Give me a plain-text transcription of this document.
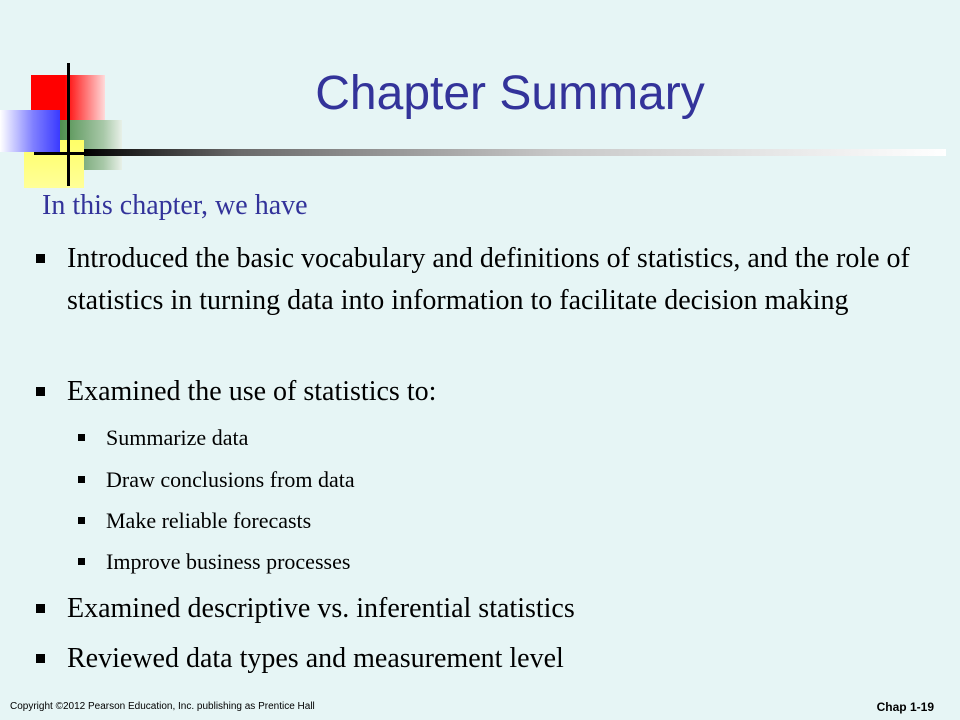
Chapter Summary
In this chapter, we have
Introduced the basic vocabulary and definitions of statistics, and the role of statistics in turning data into information to facilitate decision making
Examined the use of statistics to:
Summarize data
Draw conclusions from data
Make reliable forecasts
Improve business processes
Examined descriptive vs. inferential statistics
Reviewed data types and measurement level
Copyright ©2012 Pearson Education, Inc. publishing as Prentice Hall	Chap 1-19
